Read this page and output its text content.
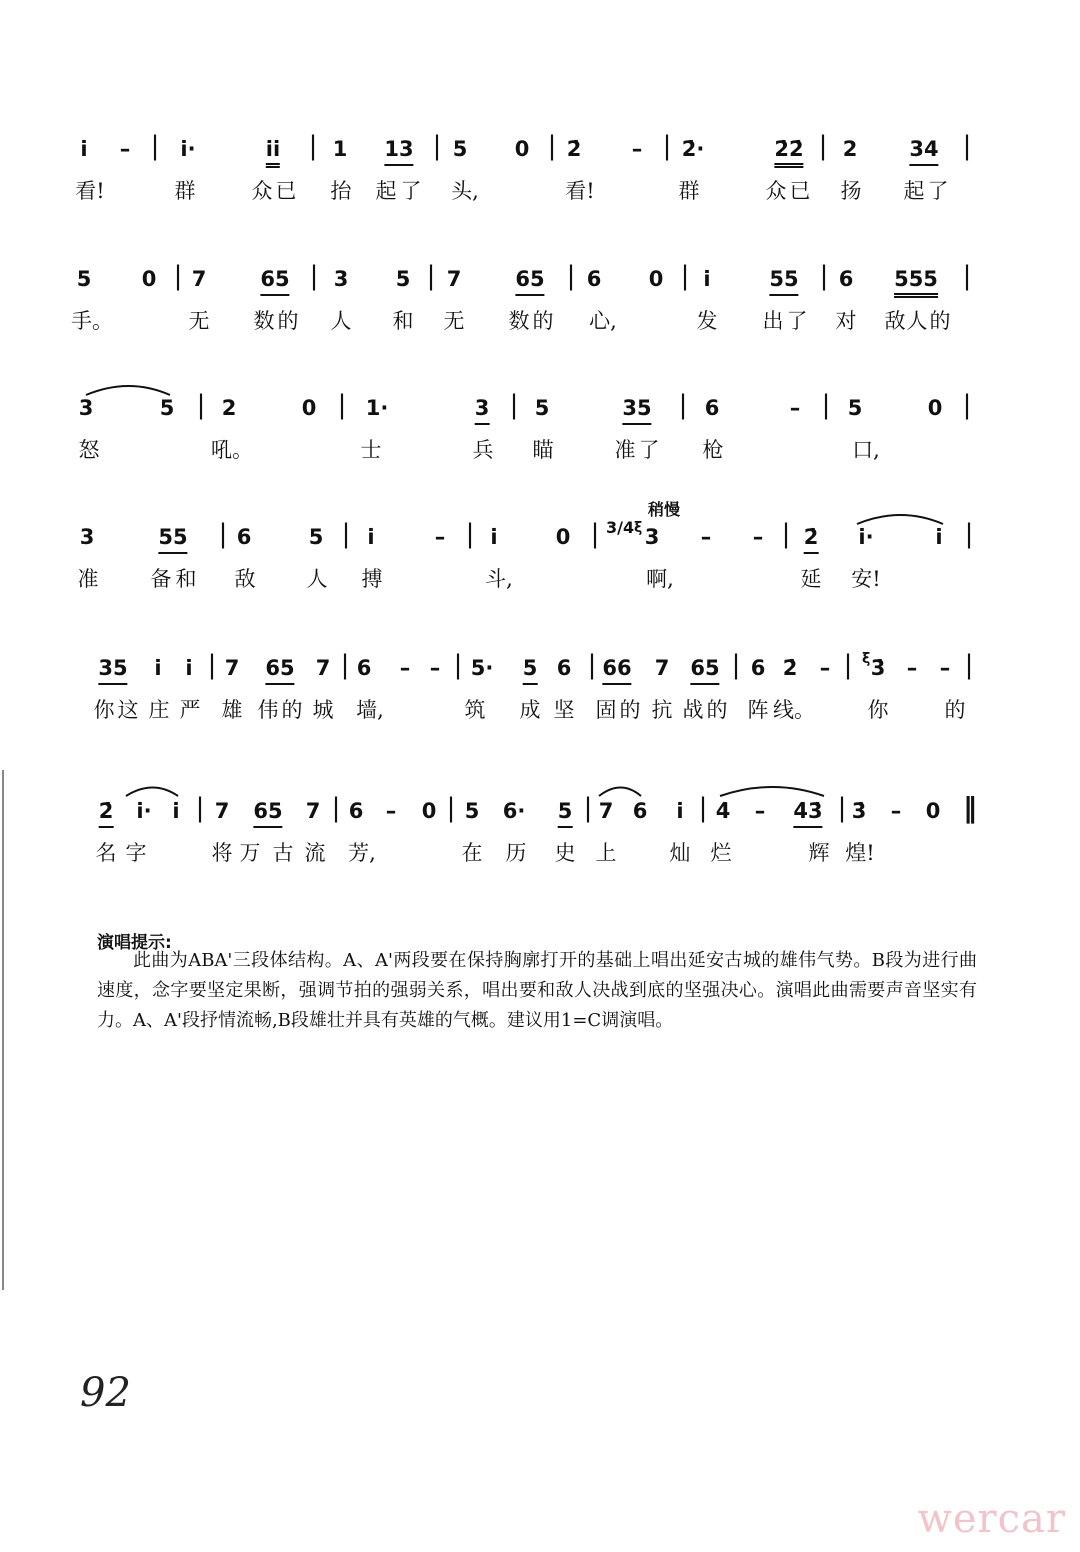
i̇ – | i̇·	i̇i̇ | 1 13 | 5 0 | 2̇ – | 2̇·	2̇2̇ | 2 34 |
看!	群	众 已 抬 起 了 头,	看!	群	众 已 扬 起 了
5 0 | 7	65 | 3 5 | 7	65 | 6 0 | i̇	55 | 6 555 |
手。	无 数 的 人 和 无 数 的 心,	发 出 了 对 敌 人 的
3	5 | 2	0 | 1·	3 | 5	35 | 6	– | 5	0 |
怒	吼。	士	兵 瞄	准 了 枪	口,
稍慢
3	55 | 6	5 | i̇	– | i̇	0 | 3/4 ξ 3 – – | 2̇ i̇·	i̇ |
准 备 和 敌 人 搏	斗,	啊,	延 安!
35 i̇ i̇ | 7 65 7 | 6 – – | 5· 5 6 | 66 7 65 | 6 2̇ – | ξ 3̇ – – |
你 这 庄 严 雄 伟 的 城 墙,	筑 成 坚 固 的 抗 战 的 阵 线。	你	的
2̇ i̇· i̇ | 7 65 7 | 6 – 0 | 5 6· 5 | 7 6 i̇ | 4̇ – 4̇3̇ | 3̇ – 0 ‖
名 字	将 万 古 流 芳,	在 历 史 上	灿 烂	辉 煌!
演唱提示:
此曲为ABA'三段体结构。A、A'两段要在保持胸廓打开的基础上唱出延安古城的雄伟气势。B段为进行曲速度，念字要坚定果断，强调节拍的强弱关系，唱出要和敌人决战到底的坚强决心。演唱此曲需要声音坚实有力。A、A'段抒情流畅,B段雄壮并具有英雄的气概。建议用1=C调演唱。
92
wercar
